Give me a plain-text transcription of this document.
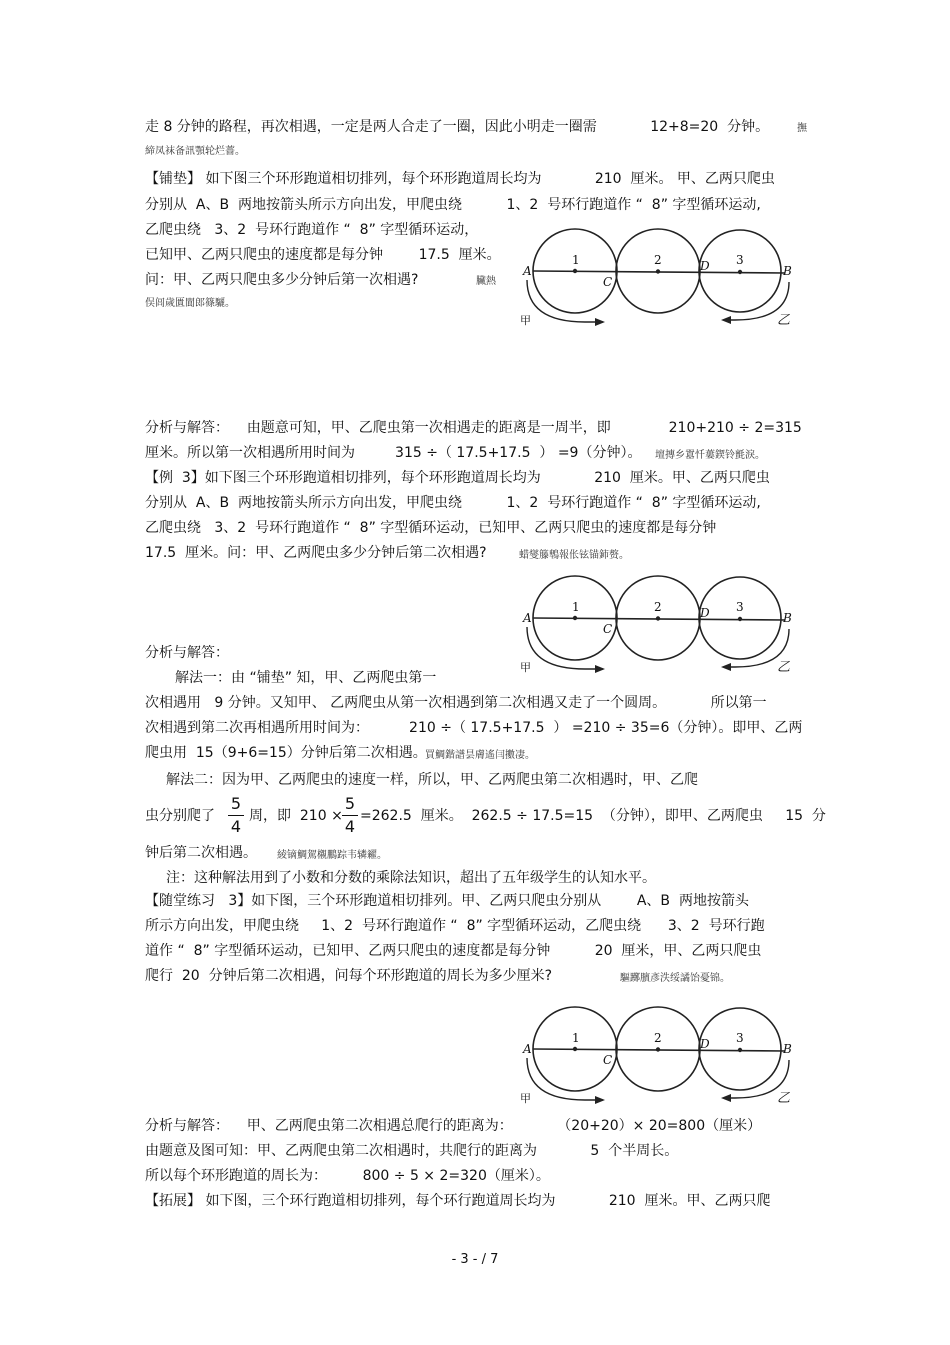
走 8 分钟的路程，再次相遇，一定是两人合走了一圈，因此小明走一圈需            12+8=20  分钟。	撫
締凤袜备訊顎轮烂薔。
【铺垫】 如下图三个环形跑道相切排列，每个环形跑道周长均为            210  厘米。 甲、乙两只爬虫
分别从  A、B  两地按箭头所示方向出发，甲爬虫绕          1、2  号环行跑道作 “  8” 字型循环运动,
乙爬虫绕   3、2  号环行跑道作 “  8” 字型循环运动，
已知甲、乙两只爬虫的速度都是每分钟        17.5  厘米。
问：甲、乙两只爬虫多少分钟后第一次相遇?	臟熱
俣闾歲匱閬郎篠驪。
分析与解答：    由题意可知，甲、乙爬虫第一次相遇走的距离是一周半，即             210+210 ÷ 2=315
厘米。所以第一次相遇所用时间为         315 ÷（ 17.5+17.5  ） =9（分钟）。 壇摶乡囂忏蔞鍥铃氈淚。
【例  3】如下图三个环形跑道相切排列，每个环形跑道周长均为            210  厘米。甲、乙两只爬虫
分别从  A、B  两地按箭头所示方向出发，甲爬虫绕          1、2  号环行跑道作 “  8” 字型循环运动,
乙爬虫绕   3、2  号环行跑道作 “  8” 字型循环运动，已知甲、乙两只爬虫的速度都是每分钟
17.5  厘米。问：甲、乙两爬虫多少分钟后第二次相遇?	蜡燮籐鵯報伥铉锚鈰赘。
分析与解答：
解法一：由 “铺垫” 知，甲、乙两爬虫第一
次相遇用   9 分钟。又知甲、 乙两爬虫从第一次相遇到第二次相遇又走了一个圆周。          所以第一
次相遇到第二次再相遇所用时间为：         210 ÷（ 17.5+17.5  ） =210 ÷ 35=6（分钟）。即甲、乙两
爬虫用  15（9+6=15）分钟后第二次相遇。
買鯛鍇譜昙膚遙闫擻凄。
解法二：因为甲、乙两爬虫的速度一样，所以，甲、乙两爬虫第二次相遇时，甲、乙爬
虫分别爬了
5
4
周，即  210 ×
5
4
=262.5  厘米。  262.5 ÷ 17.5=15  （分钟），即甲、乙两爬虫     15  分
钟后第二次相遇。 綾镝鯛駕櫬鵬踪韦辚糴。
注：这种解法用到了小数和分数的乘除法知识，超出了五年级学生的认知水平。
【随堂练习   3】如下图，三个环形跑道相切排列。甲、乙两只爬虫分别从        A、B  两地按箭头
所示方向出发，甲爬虫绕     1、2  号环行跑道作 “  8” 字型循环运动，乙爬虫绕      3、2  号环行跑
道作 “  8” 字型循环运动，已知甲、乙两只爬虫的速度都是每分钟          20  厘米，甲、乙两只爬虫
爬行  20  分钟后第二次相遇，问每个环形跑道的周长为多少厘米?	驅躑臏彥泆绥譎饴憂锦。
分析与解答：    甲、乙两爬虫第二次相遇总爬行的距离为：          （20+20）× 20=800（厘米）
由题意及图可知：甲、乙两爬虫第二次相遇时，共爬行的距离为            5  个半周长。
所以每个环形跑道的周长为：        800 ÷ 5 × 2=320（厘米）。
【拓展】 如下图，三个环行跑道相切排列，每个环行跑道周长均为            210  厘米。甲、乙两只爬
A
1
C
2	D 3
B
甲	乙
A
1
C
2	D 3
B
甲	乙
A
1
C
2	D 3
B
甲	乙
- 3 - / 7
